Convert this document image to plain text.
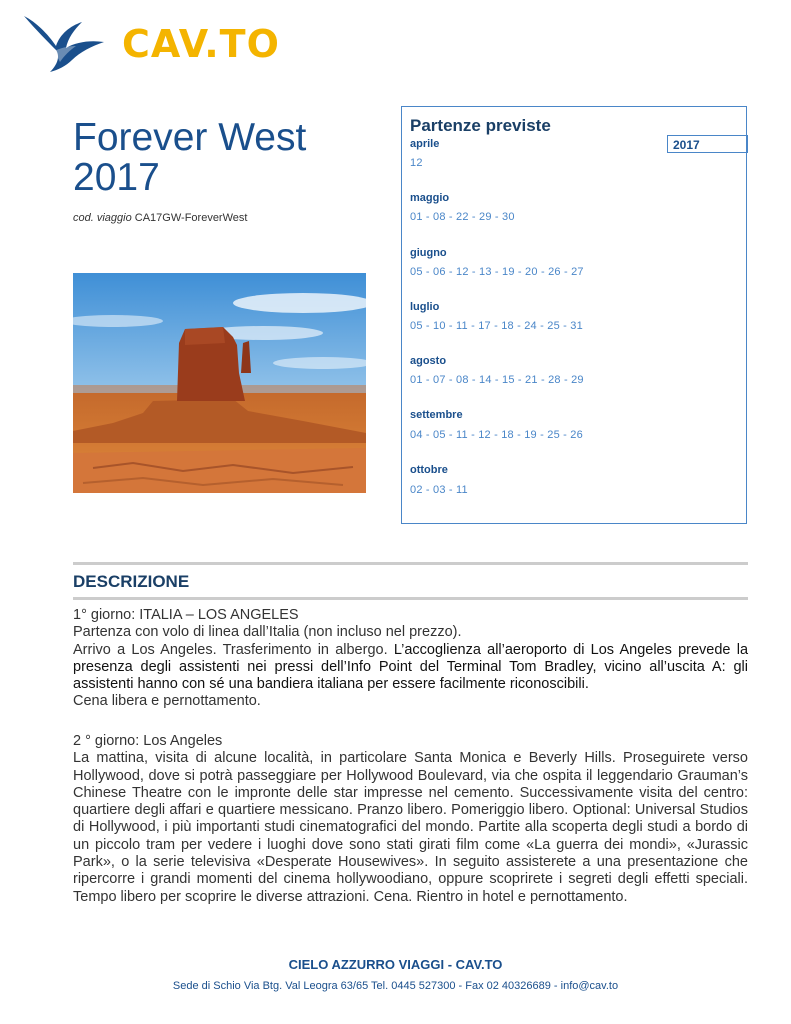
CAV.TO
Forever West
2017
cod. viaggio CA17GW-ForeverWest
Partenze previste
2017
aprile
12
maggio
01 - 08 - 22 - 29 - 30
giugno
05 - 06 - 12 - 13 - 19 - 20 - 26 - 27
luglio
05 - 10 - 11 - 17 - 18 - 24 - 25 - 31
agosto
01 - 07 - 08 - 14 - 15 - 21 - 28 - 29
settembre
04 - 05 - 11 - 12 - 18 - 19 - 25 - 26
ottobre
02 - 03 - 11
DESCRIZIONE

1° giorno: ITALIA – LOS ANGELES

Partenza con volo di linea dall’Italia (non incluso nel prezzo).

Arrivo a Los Angeles. Trasferimento in albergo. L’accoglienza all’aeroporto di Los Angeles prevede la presenza degli assistenti nei pressi dell’Info Point del Terminal Tom Bradley, vicino all’uscita A: gli assistenti hanno con sé una bandiera italiana per essere facilmente riconoscibili.

Cena libera e pernottamento.

2 ° giorno: Los Angeles

La mattina, visita di alcune località, in particolare Santa Monica e Beverly Hills. Proseguirete verso Hollywood, dove si potrà passeggiare per Hollywood Boulevard, via che ospita il leggendario Grauman’s Chinese Theatre con le impronte delle star impresse nel cemento. Successivamente visita del centro: quartiere degli affari e quartiere messicano. Pranzo libero. Pomeriggio libero. Optional: Universal Studios di Hollywood, i più importanti studi cinematografici del mondo. Partite alla scoperta degli studi a bordo di un piccolo tram per vedere i luoghi dove sono stati girati film come «La guerra dei mondi», «Jurassic Park», o la serie televisiva «Desperate Housewives». In seguito assisterete a una presentazione che ripercorre i grandi momenti del cinema hollywoodiano, oppure scoprirete i segreti degli effetti speciali. Tempo libero per scoprire le diverse attrazioni. Cena. Rientro in hotel e pernottamento.

CIELO AZZURRO VIAGGI - CAV.TO
Sede di Schio Via Btg. Val Leogra 63/65 Tel. 0445 527300 - Fax 02 40326689 - info@cav.to
